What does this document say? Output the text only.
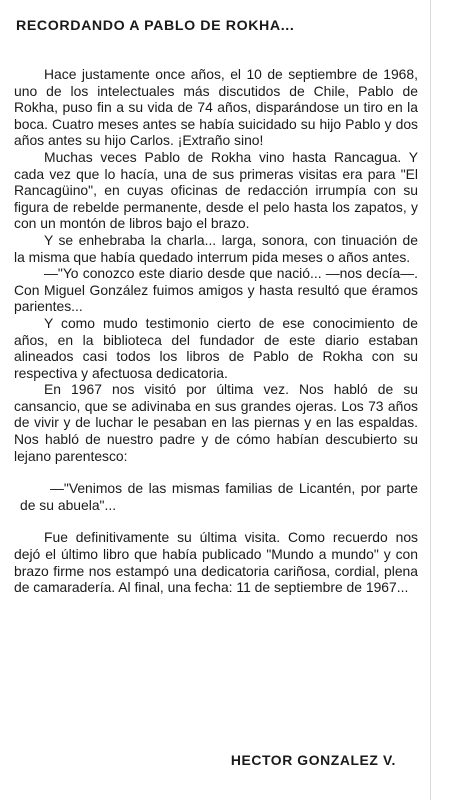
RECORDANDO A PABLO DE ROKHA...

Hace justamente once años, el 10 de septiembre de 1968, uno de los intelectuales más discutidos de Chile, Pablo de Rokha, puso fin a su vida de 74 años, disparándose un tiro en la boca. Cuatro meses antes se había suicidado su hijo Pablo y dos años antes su hijo Carlos. ¡Extraño sino!

Muchas veces Pablo de Rokha vino hasta Rancagua. Y cada vez que lo hacía, una de sus primeras visitas era para "El Rancagüino", en cuyas oficinas de redacción irrumpía con su figura de rebelde permanente, desde el pelo hasta los zapatos, y con un montón de libros bajo el brazo.

Y se enhebraba la charla... larga, sonora, con tinuación de la misma que había quedado interrum pida meses o años antes.

—"Yo conozco este diario desde que nació... —nos decía—. Con Miguel González fuimos amigos y hasta resultó que éramos parientes...

Y como mudo testimonio cierto de ese conocimiento de años, en la biblioteca del fundador de este diario estaban alineados casi todos los libros de Pablo de Rokha con su respectiva y afectuosa dedicatoria.

En 1967 nos visitó por última vez. Nos habló de su cansancio, que se adivinaba en sus grandes ojeras. Los 73 años de vivir y de luchar le pesaban en las piernas y en las espaldas. Nos habló de nuestro padre y de cómo habían descubierto su lejano parentesco:

—"Venimos de las mismas familias de Licantén, por parte de su abuela"...

Fue definitivamente su última visita. Como recuerdo nos dejó el último libro que había publicado "Mundo a mundo" y con brazo firme nos estampó una dedicatoria cariñosa, cordial, plena de camaradería. Al final, una fecha: 11 de septiembre de 1967...

HECTOR GONZALEZ V.
